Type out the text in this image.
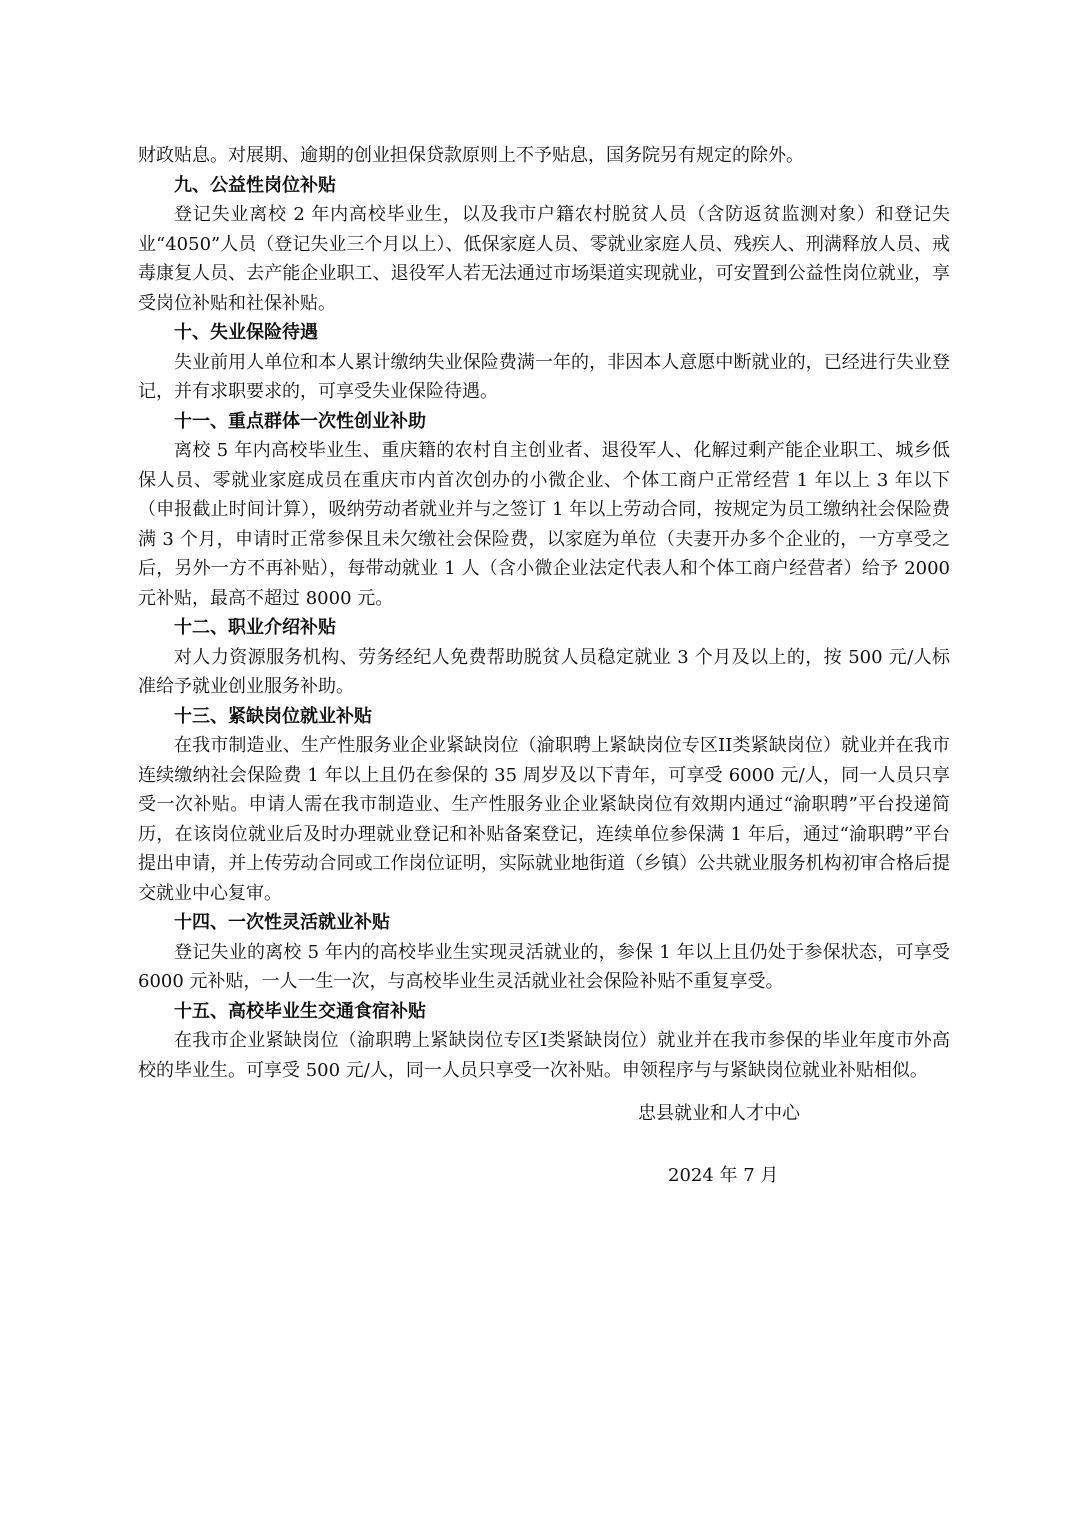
财政贴息。对展期、逾期的创业担保贷款原则上不予贴息，国务院另有规定的除外。

九、公益性岗位补贴

登记失业离校 2 年内高校毕业生，以及我市户籍农村脱贫人员（含防返贫监测对象）和登记失业“4050”人员（登记失业三个月以上）、低保家庭人员、零就业家庭人员、残疾人、刑满释放人员、戒毒康复人员、去产能企业职工、退役军人若无法通过市场渠道实现就业，可安置到公益性岗位就业，享受岗位补贴和社保补贴。

十、失业保险待遇

失业前用人单位和本人累计缴纳失业保险费满一年的，非因本人意愿中断就业的，已经进行失业登记，并有求职要求的，可享受失业保险待遇。

十一、重点群体一次性创业补助

离校 5 年内高校毕业生、重庆籍的农村自主创业者、退役军人、化解过剩产能企业职工、城乡低保人员、零就业家庭成员在重庆市内首次创办的小微企业、个体工商户正常经营 1 年以上 3 年以下（申报截止时间计算），吸纳劳动者就业并与之签订 1 年以上劳动合同，按规定为员工缴纳社会保险费满 3 个月，申请时正常参保且未欠缴社会保险费，以家庭为单位（夫妻开办多个企业的，一方享受之后，另外一方不再补贴），每带动就业 1 人（含小微企业法定代表人和个体工商户经营者）给予 2000 元补贴，最高不超过 8000 元。

十二、职业介绍补贴

对人力资源服务机构、劳务经纪人免费帮助脱贫人员稳定就业 3 个月及以上的，按 500 元/人标准给予就业创业服务补助。

十三、紧缺岗位就业补贴

在我市制造业、生产性服务业企业紧缺岗位（渝职聘上紧缺岗位专区II类紧缺岗位）就业并在我市连续缴纳社会保险费 1 年以上且仍在参保的 35 周岁及以下青年，可享受 6000 元/人，同一人员只享受一次补贴。申请人需在我市制造业、生产性服务业企业紧缺岗位有效期内通过“渝职聘”平台投递简历，在该岗位就业后及时办理就业登记和补贴备案登记，连续单位参保满 1 年后，通过“渝职聘”平台提出申请，并上传劳动合同或工作岗位证明，实际就业地街道（乡镇）公共就业服务机构初审合格后提交就业中心复审。

十四、一次性灵活就业补贴

登记失业的离校 5 年内的高校毕业生实现灵活就业的，参保 1 年以上且仍处于参保状态，可享受 6000 元补贴，一人一生一次，与高校毕业生灵活就业社会保险补贴不重复享受。

十五、高校毕业生交通食宿补贴

在我市企业紧缺岗位（渝职聘上紧缺岗位专区I类紧缺岗位）就业并在我市参保的毕业年度市外高校的毕业生。可享受 500 元/人，同一人员只享受一次补贴。申领程序与与紧缺岗位就业补贴相似。

忠县就业和人才中心

2024 年 7 月
